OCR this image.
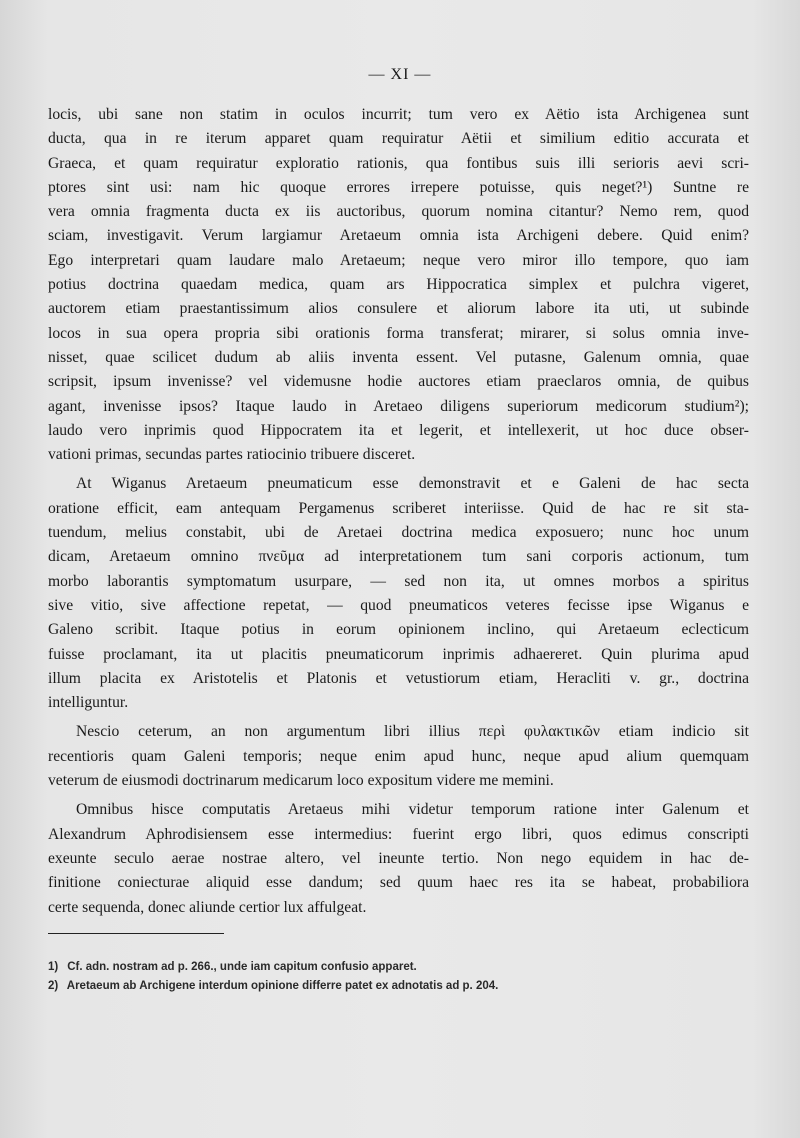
— XI —
locis, ubi sane non statim in oculos incurrit; tum vero ex Aëtio ista Archigenea sunt
ducta, qua in re iterum apparet quam requiratur Aëtii et similium editio accurata et
Graeca, et quam requiratur exploratio rationis, qua fontibus suis illi serioris aevi scri-
ptores sint usi: nam hic quoque errores irrepere potuisse, quis neget?¹) Suntne re
vera omnia fragmenta ducta ex iis auctoribus, quorum nomina citantur? Nemo rem, quod
sciam, investigavit. Verum largiamur Aretaeum omnia ista Archigeni debere. Quid enim?
Ego interpretari quam laudare malo Aretaeum; neque vero miror illo tempore, quo iam
potius doctrina quaedam medica, quam ars Hippocratica simplex et pulchra vigeret,
auctorem etiam praestantissimum alios consulere et aliorum labore ita uti, ut subinde
locos in sua opera propria sibi orationis forma transferat; mirarer, si solus omnia inve-
nisset, quae scilicet dudum ab aliis inventa essent. Vel putasne, Galenum omnia, quae
scripsit, ipsum invenisse? vel videmusne hodie auctores etiam praeclaros omnia, de quibus
agant, invenisse ipsos? Itaque laudo in Aretaeo diligens superiorum medicorum studium²);
laudo vero inprimis quod Hippocratem ita et legerit, et intellexerit, ut hoc duce obser-
vationi primas, secundas partes ratiocinio tribuere disceret.
At Wiganus Aretaeum pneumaticum esse demonstravit et e Galeni de hac secta
oratione efficit, eam antequam Pergamenus scriberet interiisse. Quid de hac re sit sta-
tuendum, melius constabit, ubi de Aretaei doctrina medica exposuero; nunc hoc unum
dicam, Aretaeum omnino πνεῦμα ad interpretationem tum sani corporis actionum, tum
morbo laborantis symptomatum usurpare, — sed non ita, ut omnes morbos a spiritus
sive vitio, sive affectione repetat, — quod pneumaticos veteres fecisse ipse Wiganus e
Galeno scribit. Itaque potius in eorum opinionem inclino, qui Aretaeum eclecticum
fuisse proclamant, ita ut placitis pneumaticorum inprimis adhaereret. Quin plurima apud
illum placita ex Aristotelis et Platonis et vetustiorum etiam, Heracliti v. gr., doctrina
intelliguntur.
Nescio ceterum, an non argumentum libri illius περὶ φυλακτικῶν etiam indicio sit
recentioris quam Galeni temporis; neque enim apud hunc, neque apud alium quemquam
veterum de eiusmodi doctrinarum medicarum loco expositum videre me memini.
Omnibus hisce computatis Aretaeus mihi videtur temporum ratione inter Galenum et
Alexandrum Aphrodisiensem esse intermedius: fuerint ergo libri, quos edimus conscripti
exeunte seculo aerae nostrae altero, vel ineunte tertio. Non nego equidem in hac de-
finitione coniecturae aliquid esse dandum; sed quum haec res ita se habeat, probabiliora
certe sequenda, donec aliunde certior lux affulgeat.
1) Cf. adn. nostram ad p. 266., unde iam capitum confusio apparet.
2) Aretaeum ab Archigene interdum opinione differre patet ex adnotatis ad p. 204.
